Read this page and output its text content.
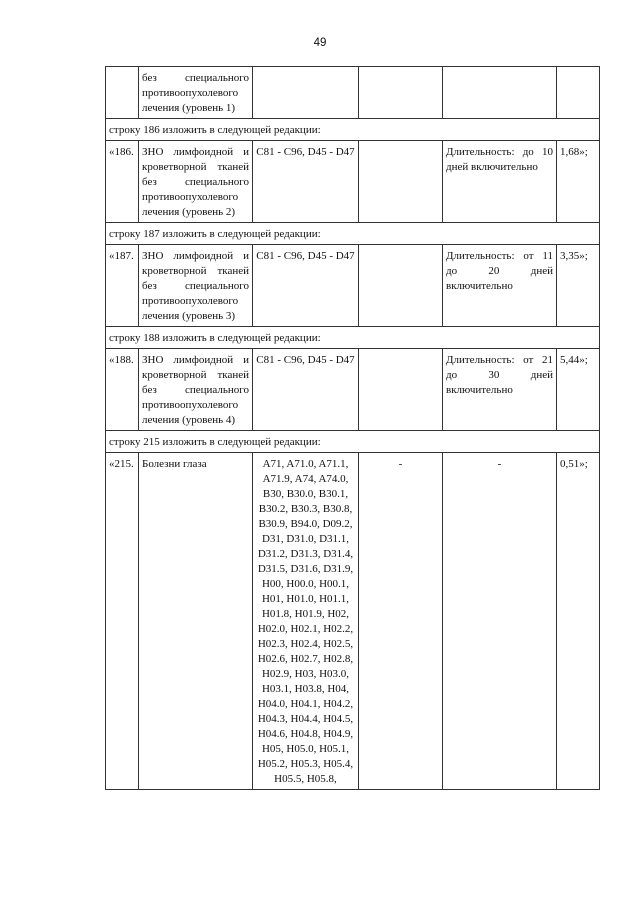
49
	без специального противоопухолевого лечения (уровень 1)				
строку 186 изложить в следующей редакции:					
«186.	ЗНО лимфоидной и кроветворной тканей без специального противоопухолевого лечения (уровень 2)	C81 - C96, D45 - D47		Длительность: до 10 дней включительно	1,68»;
строку 187 изложить в следующей редакции:					
«187.	ЗНО лимфоидной и кроветворной тканей без специального противоопухолевого лечения (уровень 3)	C81 - C96, D45 - D47		Длительность: от 11 до 20 дней включительно	3,35»;
строку 188 изложить в следующей редакции:					
«188.	ЗНО лимфоидной и кроветворной тканей без специального противоопухолевого лечения (уровень 4)	C81 - C96, D45 - D47		Длительность: от 21 до 30 дней включительно	5,44»;
строку 215 изложить в следующей редакции:					
«215.	Болезни глаза	A71, A71.0, A71.1, A71.9, A74, A74.0, B30, B30.0, B30.1, B30.2, B30.3, B30.8, B30.9, B94.0, D09.2, D31, D31.0, D31.1, D31.2, D31.3, D31.4, D31.5, D31.6, D31.9, H00, H00.0, H00.1, H01, H01.0, H01.1, H01.8, H01.9, H02, H02.0, H02.1, H02.2, H02.3, H02.4, H02.5, H02.6, H02.7, H02.8, H02.9, H03, H03.0, H03.1, H03.8, H04, H04.0, H04.1, H04.2, H04.3, H04.4, H04.5, H04.6, H04.8, H04.9, H05, H05.0, H05.1, H05.2, H05.3, H05.4, H05.5, H05.8,	-	-	0,51»;
